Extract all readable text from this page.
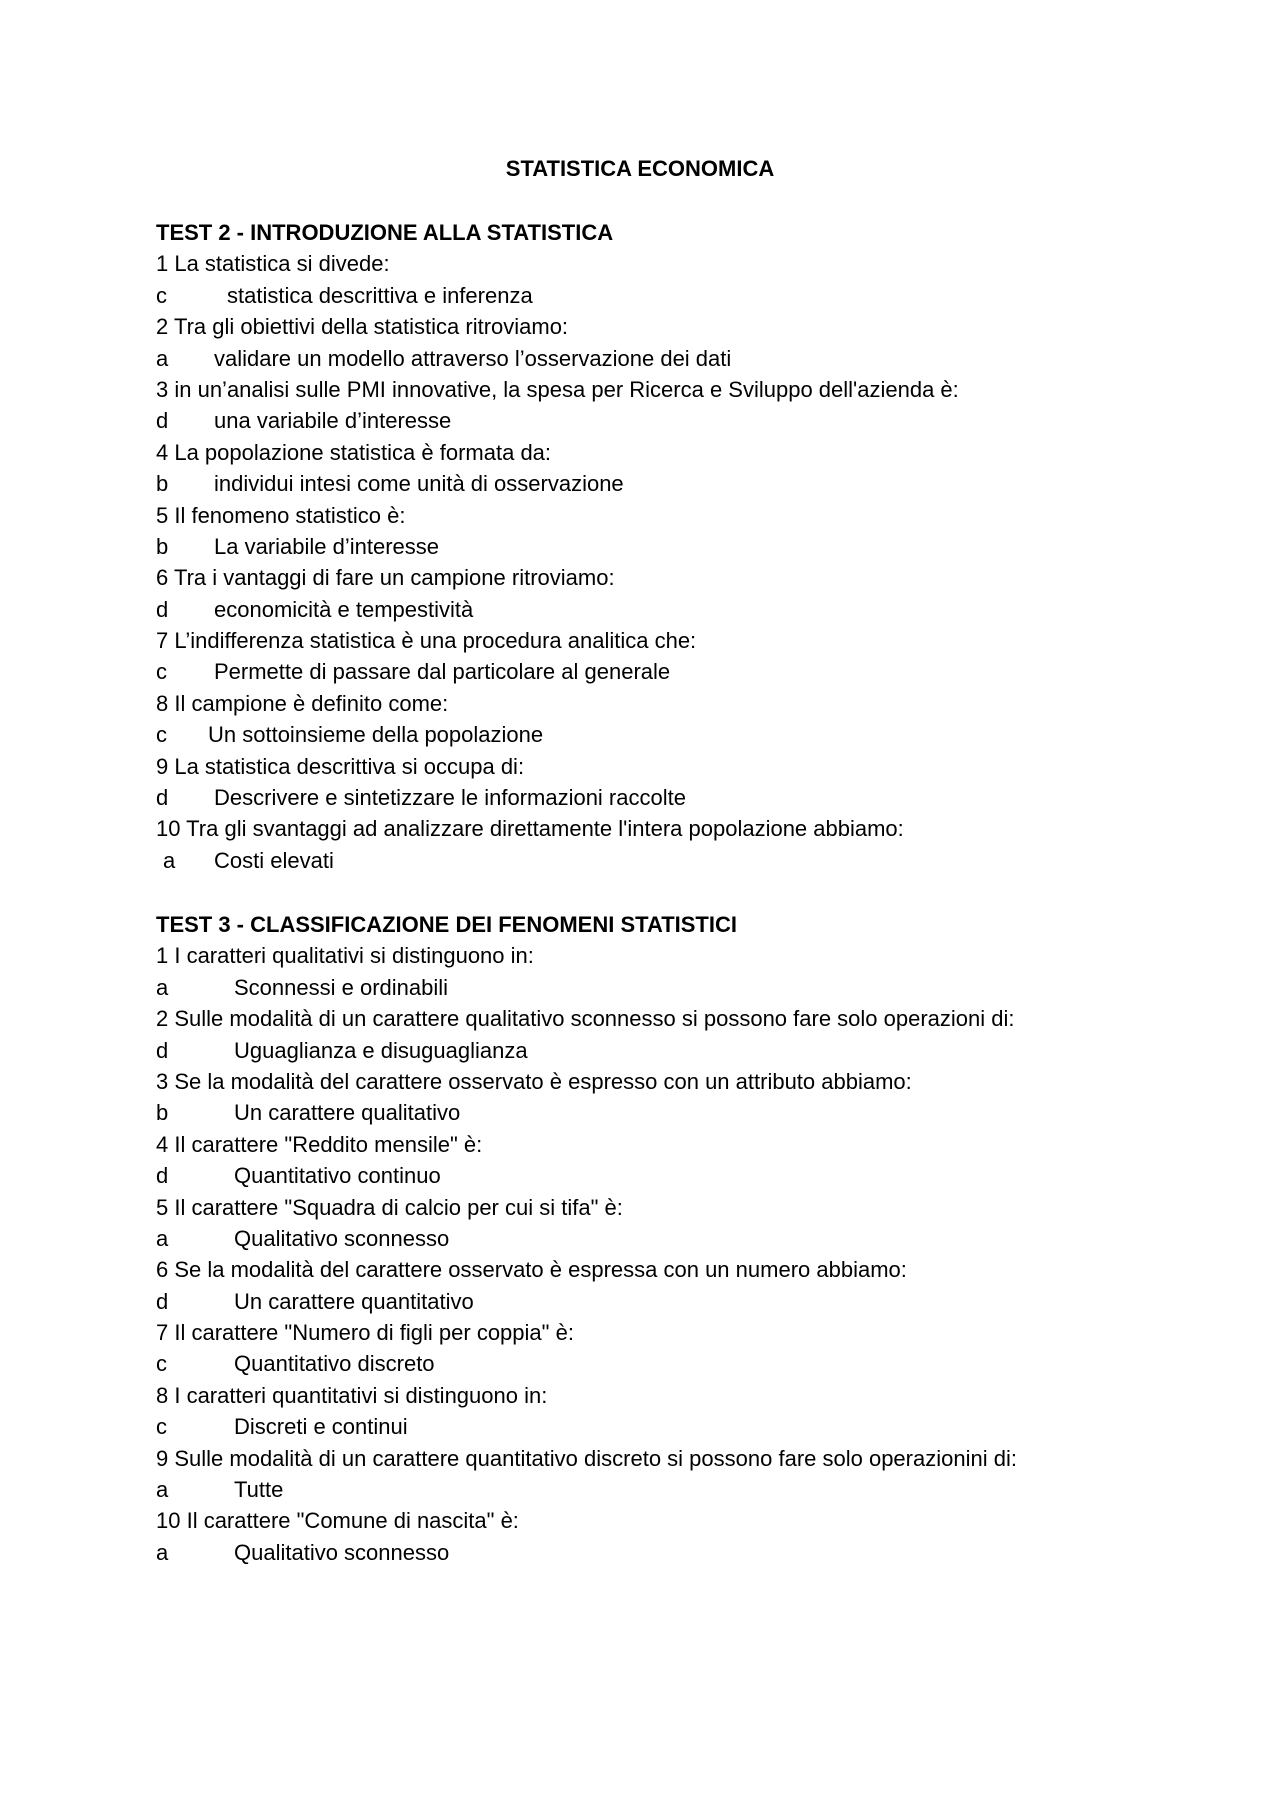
STATISTICA ECONOMICA
TEST 2 - INTRODUZIONE ALLA STATISTICA
1 La statistica si divede:
c	statistica descrittiva e inferenza
2 Tra gli obiettivi della statistica ritroviamo:
a validare un modello attraverso l’osservazione dei dati
3 in un’analisi sulle PMI innovative, la spesa per Ricerca e Sviluppo dell'azienda è:
d una variabile d’interesse
4 La popolazione statistica è formata da:
b individui intesi come unità di osservazione
5 Il fenomeno statistico è:
b La variabile d’interesse
6 Tra i vantaggi di fare un campione ritroviamo:
d economicità e tempestività
7 L’indifferenza statistica è una procedura analitica che:
c Permette di passare dal particolare al generale
8 Il campione è definito come:
c Un sottoinsieme della popolazione
9 La statistica descrittiva si occupa di:
d Descrivere e sintetizzare le informazioni raccolte
10 Tra gli svantaggi ad analizzare direttamente l'intera popolazione abbiamo:
a Costi elevati
TEST 3 - CLASSIFICAZIONE DEI FENOMENI STATISTICI
1 I caratteri qualitativi si distinguono in:
a	Sconnessi e ordinabili
2 Sulle modalità di un carattere qualitativo sconnesso si possono fare solo operazioni di:
d	Uguaglianza e disuguaglianza
3 Se la modalità del carattere osservato è espresso con un attributo abbiamo:
b	Un carattere qualitativo
4 Il carattere "Reddito mensile" è:
d	Quantitativo continuo
5 Il carattere "Squadra di calcio per cui si tifa" è:
a	Qualitativo sconnesso
6 Se la modalità del carattere osservato è espressa con un numero abbiamo:
d	Un carattere quantitativo
7 Il carattere "Numero di figli per coppia" è:
c	Quantitativo discreto
8 I caratteri quantitativi si distinguono in:
c	Discreti e continui
9 Sulle modalità di un carattere quantitativo discreto si possono fare solo operazionini di:
a	Tutte
10 Il carattere "Comune di nascita" è:
a	Qualitativo sconnesso
